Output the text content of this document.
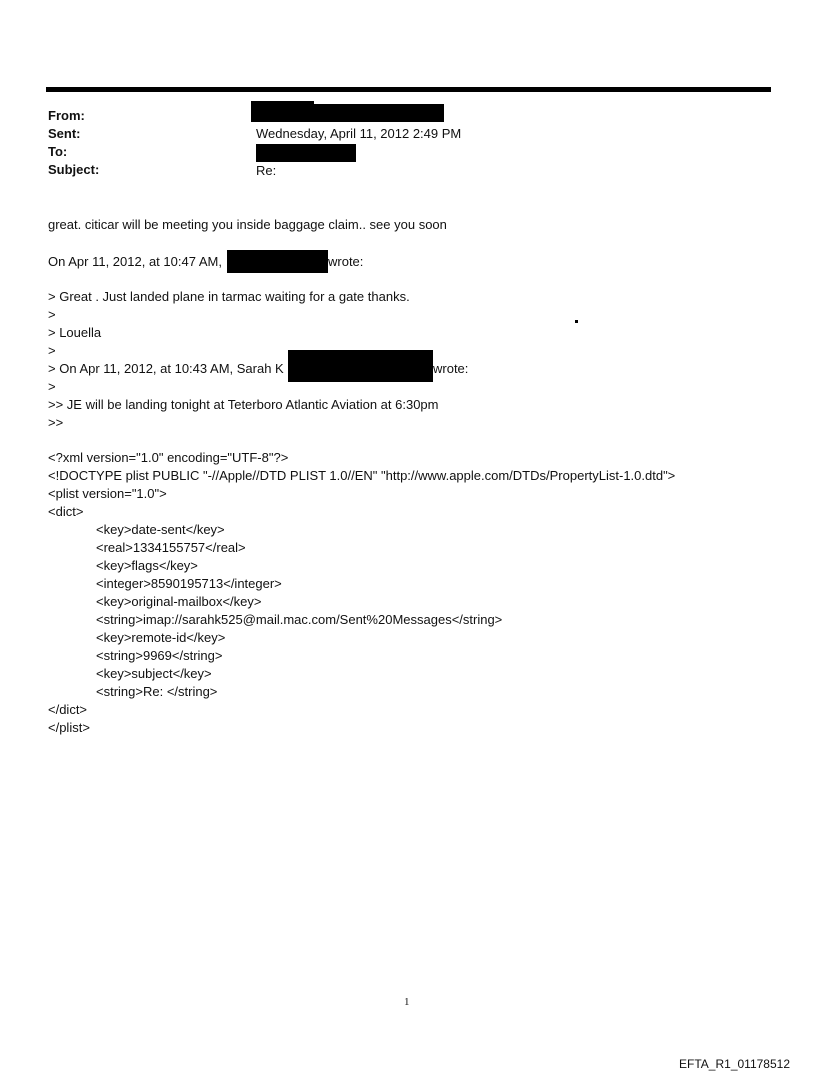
From:
Sent:
To:
Subject:
Wednesday, April 11, 2012 2:49 PM
Re:
great. citicar will be meeting you inside baggage claim.. see you soon
On Apr 11, 2012, at 10:47 AM,	wrote:
> Great . Just landed plane in tarmac waiting for a gate thanks.
>
> Louella
>
> On Apr 11, 2012, at 10:43 AM, Sarah K	wrote:
>
>> JE will be landing tonight at Teterboro Atlantic Aviation at 6:30pm
>>
<?xml version="1.0" encoding="UTF-8"?>
<!DOCTYPE plist PUBLIC "-//Apple//DTD PLIST 1.0//EN" "http://www.apple.com/DTDs/PropertyList-1.0.dtd">
<plist version="1.0">
<dict>
<key>date-sent</key>
<real>1334155757</real>
<key>flags</key>
<integer>8590195713</integer>
<key>original-mailbox</key>
<string>imap://sarahk525@mail.mac.com/Sent%20Messages</string>
<key>remote-id</key>
<string>9969</string>
<key>subject</key>
<string>Re: </string>
</dict>
</plist>
1
EFTA_R1_01178512
